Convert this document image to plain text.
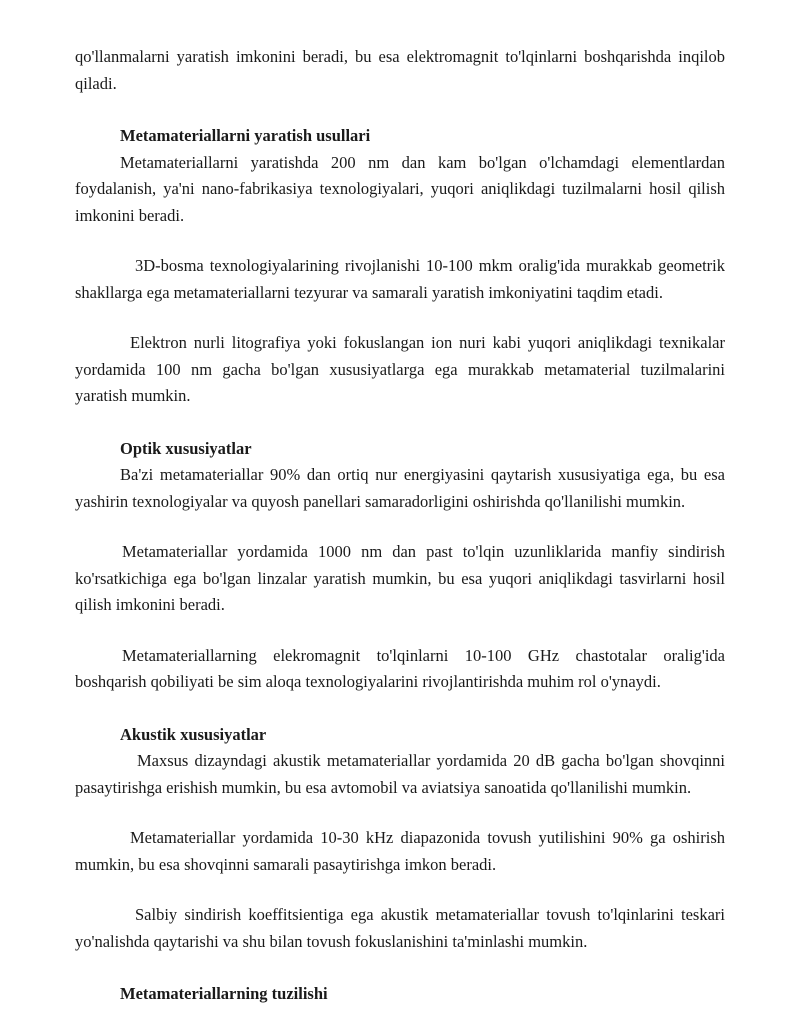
qo'llanmalarni yaratish imkonini beradi, bu esa elektromagnit to'lqinlarni boshqarishda inqilob qiladi.

Metamateriallarni yaratish usullari

Metamateriallarni yaratishda 200 nm dan kam bo'lgan o'lchamdagi elementlardan foydalanish, ya'ni nano-fabrikasiya texnologiyalari, yuqori aniqlikdagi tuzilmalarni hosil qilish imkonini beradi.

3D-bosma texnologiyalarining rivojlanishi 10-100 mkm oralig'ida murakkab geometrik shakllarga ega metamateriallarni tezyurar va samarali yaratish imkoniyatini taqdim etadi.

Elektron nurli litografiya yoki fokuslangan ion nuri kabi yuqori aniqlikdagi texnikalar yordamida 100 nm gacha bo'lgan xususiyatlarga ega murakkab metamaterial tuzilmalarini yaratish mumkin.

Optik xususiyatlar

Ba'zi metamateriallar 90% dan ortiq nur energiyasini qaytarish xususiyatiga ega, bu esa yashirin texnologiyalar va quyosh panellari samaradorligini oshirishda qo'llanilishi mumkin.

Metamateriallar yordamida 1000 nm dan past to'lqin uzunliklarida manfiy sindirish ko'rsatkichiga ega bo'lgan linzalar yaratish mumkin, bu esa yuqori aniqlikdagi tasvirlarni hosil qilish imkonini beradi.

Metamateriallarning elekromagnit to'lqinlarni 10-100 GHz chastotalar oralig'ida boshqarish qobiliyati be sim aloqa texnologiyalarini rivojlantirishda muhim rol o'ynaydi.

Akustik xususiyatlar

Maxsus dizayndagi akustik metamateriallar yordamida 20 dB gacha bo'lgan shovqinni pasaytirishga erishish mumkin, bu esa avtomobil va aviatsiya sanoatida qo'llanilishi mumkin.

Metamateriallar yordamida 10-30 kHz diapazonida tovush yutilishini 90% ga oshirish mumkin, bu esa shovqinni samarali pasaytirishga imkon beradi.

Salbiy sindirish koeffitsientiga ega akustik metamateriallar tovush to'lqinlarini teskari yo'nalishda qaytarishi va shu bilan tovush fokuslanishini ta'minlashi mumkin.

Metamateriallarning tuzilishi
